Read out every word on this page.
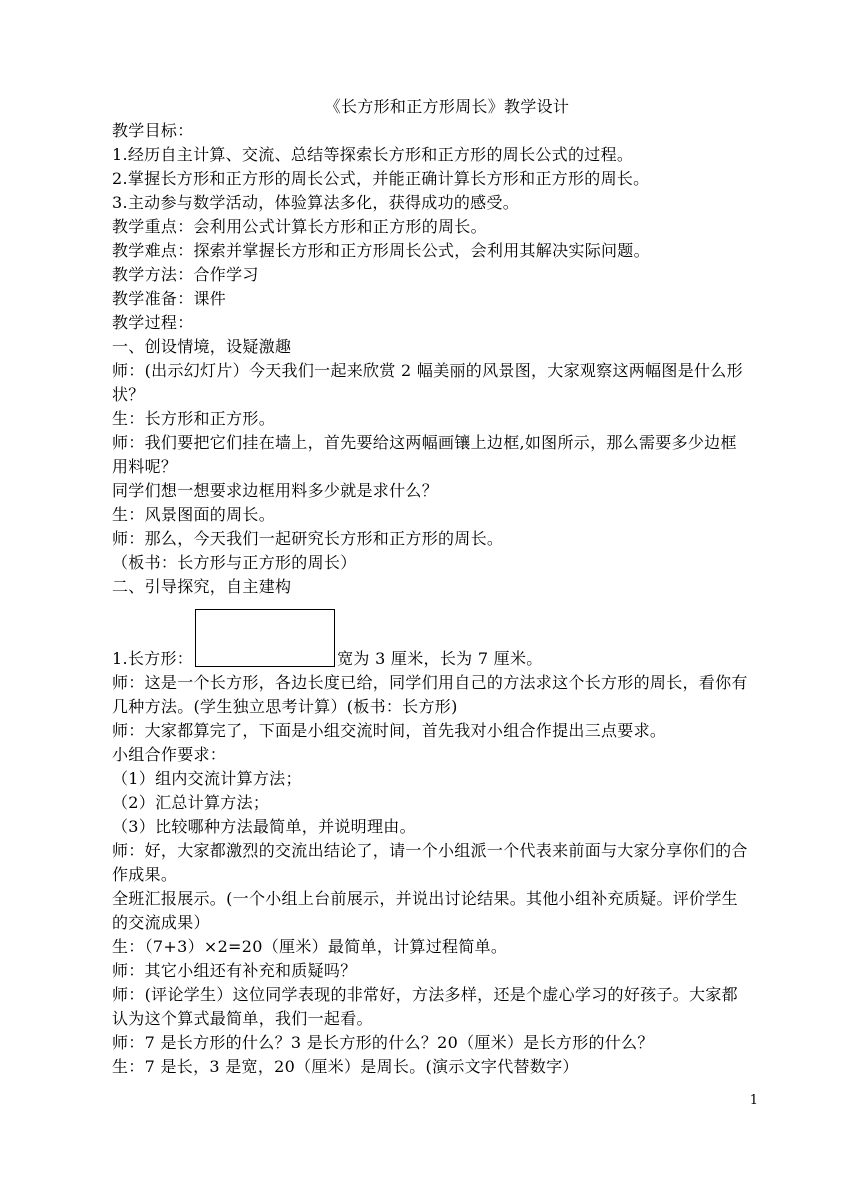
《长方形和正方形周长》教学设计
教学目标：
1.经历自主计算、交流、总结等探索长方形和正方形的周长公式的过程。
2.掌握长方形和正方形的周长公式，并能正确计算长方形和正方形的周长。
3.主动参与数学活动，体验算法多化，获得成功的感受。
教学重点：会利用公式计算长方形和正方形的周长。
教学难点：探索并掌握长方形和正方形周长公式，会利用其解决实际问题。
教学方法：合作学习
教学准备：课件
教学过程：
一、创设情境，设疑激趣
师：(出示幻灯片）今天我们一起来欣赏 2 幅美丽的风景图，大家观察这两幅图是什么形状？
生：长方形和正方形。
师：我们要把它们挂在墙上，首先要给这两幅画镶上边框,如图所示，那么需要多少边框用料呢？
同学们想一想要求边框用料多少就是求什么？
生：风景图面的周长。
师：那么，今天我们一起研究长方形和正方形的周长。
（板书：长方形与正方形的周长）
二、引导探究，自主建构
1.长方形：	宽为 3 厘米，长为 7 厘米。
师：这是一个长方形，各边长度已给，同学们用自己的方法求这个长方形的周长，看你有几种方法。(学生独立思考计算）(板书：长方形)
师：大家都算完了，下面是小组交流时间，首先我对小组合作提出三点要求。
小组合作要求：
（1）组内交流计算方法；
（2）汇总计算方法；
（3）比较哪种方法最简单，并说明理由。
师：好，大家都激烈的交流出结论了，请一个小组派一个代表来前面与大家分享你们的合作成果。
全班汇报展示。(一个小组上台前展示，并说出讨论结果。其他小组补充质疑。评价学生的交流成果）
生：（7+3）×2=20（厘米）最简单，计算过程简单。
师：其它小组还有补充和质疑吗？
师：(评论学生）这位同学表现的非常好，方法多样，还是个虚心学习的好孩子。大家都认为这个算式最简单，我们一起看。
师：7 是长方形的什么？3 是长方形的什么？20（厘米）是长方形的什么？
生：7 是长，3 是宽，20（厘米）是周长。(演示文字代替数字）
1
